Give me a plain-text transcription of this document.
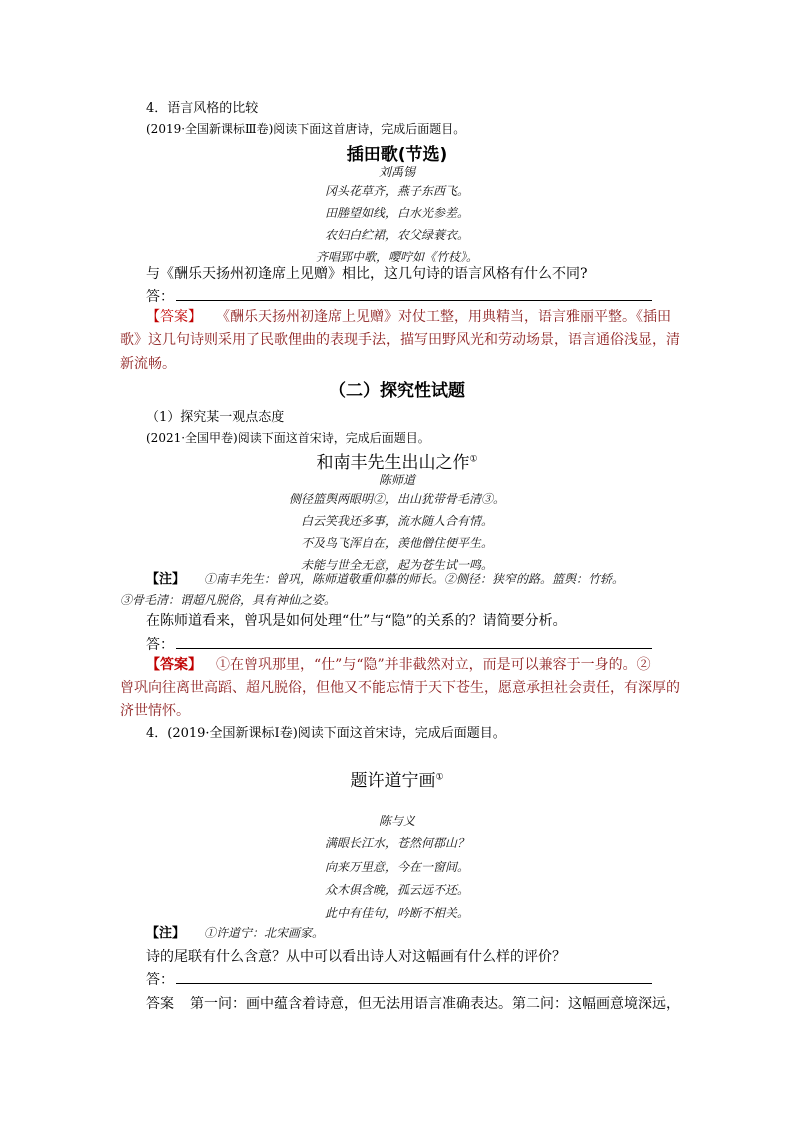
4．语言风格的比较
(2019·全国新课标Ⅲ卷)阅读下面这首唐诗，完成后面题目。
插田歌(节选)
刘禹锡
冈头花草齐，燕子东西飞。
田塍望如线，白水光参差。
农妇白纻裙，农父绿蓑衣。
齐唱郢中歌，嘤咛如《竹枝》。
与《酬乐天扬州初逢席上见赠》相比，这几句诗的语言风格有什么不同?
答：
【答案】 《酬乐天扬州初逢席上见赠》对仗工整，用典精当，语言雅丽平整。《插田
歌》这几句诗则采用了民歌俚曲的表现手法，描写田野风光和劳动场景，语言通俗浅显，清
新流畅。
（二）探究性试题
（1）探究某一观点态度
(2021·全国甲卷)阅读下面这首宋诗，完成后面题目。
和南丰先生出山之作①
陈师道
侧径篮舆两眼明②，出山犹带骨毛清③。
白云笑我还多事，流水随人合有情。
不及鸟飞浑自在，羡他僧住便平生。
未能与世全无意，起为苍生试一鸣。
【注】 ①南丰先生：曾巩，陈师道敬重仰慕的师长。②侧径：狭窄的路。篮舆：竹轿。
③骨毛清：谓超凡脱俗，具有神仙之姿。
在陈师道看来，曾巩是如何处理“仕”与“隐”的关系的？请简要分析。
答：
【答案】 ①在曾巩那里，“仕”与“隐”并非截然对立，而是可以兼容于一身的。②
曾巩向往离世高蹈、超凡脱俗，但他又不能忘情于天下苍生，愿意承担社会责任，有深厚的
济世情怀。
4．(2019·全国新课标Ⅰ卷)阅读下面这首宋诗，完成后面题目。
题许道宁画①
陈与义
满眼长江水，苍然何郡山？
向来万里意，今在一窗间。
众木俱含晚，孤云远不还。
此中有佳句，吟断不相关。
【注】 ①许道宁：北宋画家。
诗的尾联有什么含意？从中可以看出诗人对这幅画有什么样的评价？
答：
答案 第一问：画中蕴含着诗意，但无法用语言准确表达。第二问：这幅画意境深远，
